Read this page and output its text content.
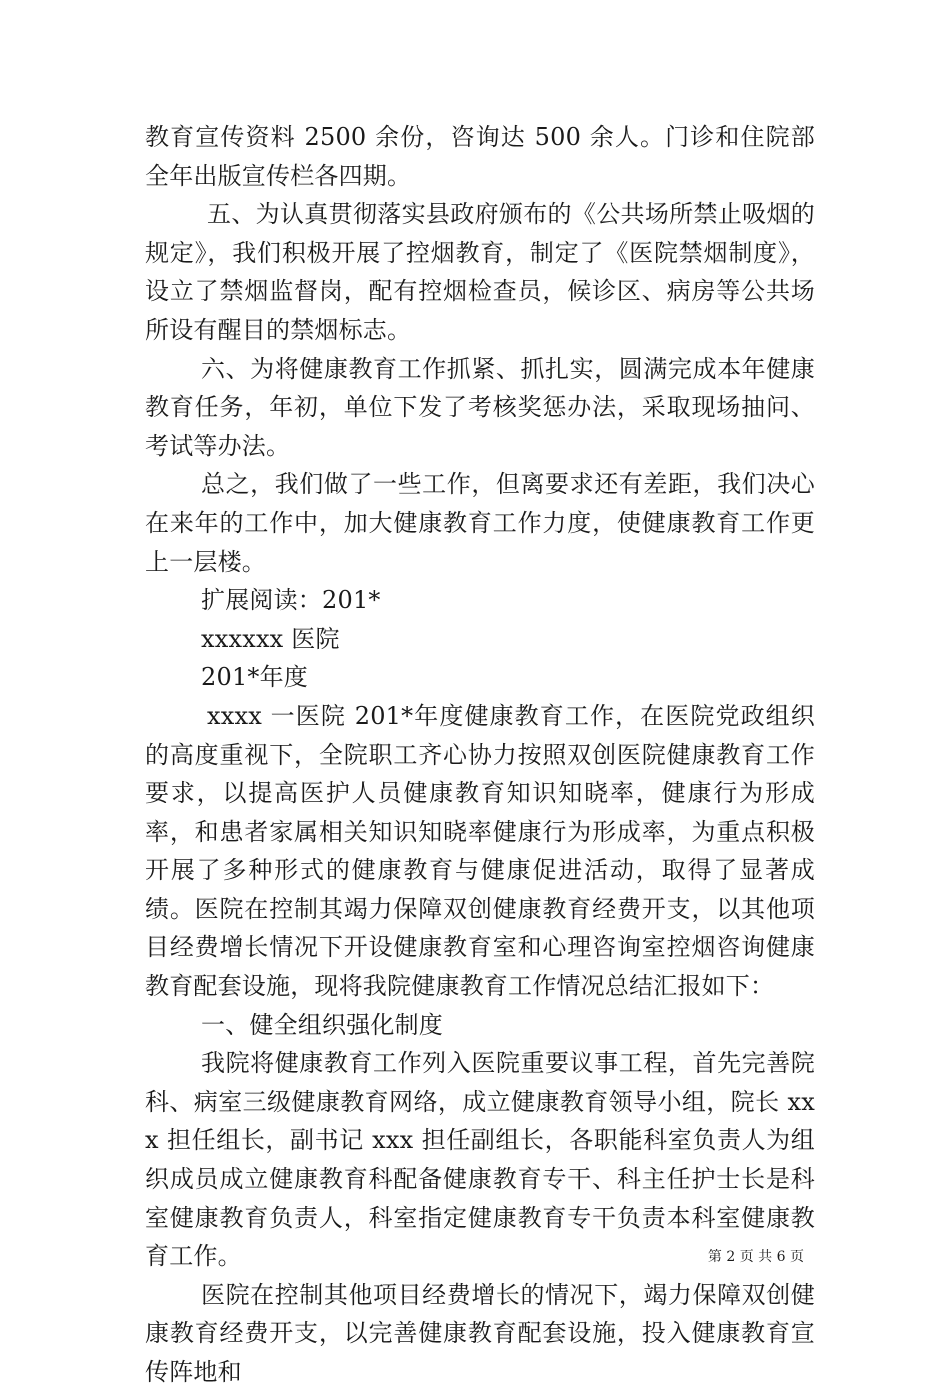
教育宣传资料 2500 余份，咨询达 500 余人。门诊和住院部全年出版宣传栏各四期。

五、为认真贯彻落实县政府颁布的《公共场所禁止吸烟的规定》，我们积极开展了控烟教育，制定了《医院禁烟制度》，设立了禁烟监督岗，配有控烟检查员，候诊区、病房等公共场所设有醒目的禁烟标志。

六、为将健康教育工作抓紧、抓扎实，圆满完成本年健康教育任务，年初，单位下发了考核奖惩办法，采取现场抽问、考试等办法。

总之，我们做了一些工作，但离要求还有差距，我们决心在来年的工作中，加大健康教育工作力度，使健康教育工作更上一层楼。

扩展阅读：201*

xxxxxx 医院

201*年度

xxxx 一医院 201*年度健康教育工作，在医院党政组织的高度重视下，全院职工齐心协力按照双创医院健康教育工作要求，以提高医护人员健康教育知识知晓率，健康行为形成率，和患者家属相关知识知晓率健康行为形成率，为重点积极开展了多种形式的健康教育与健康促进活动，取得了显著成绩。医院在控制其竭力保障双创健康教育经费开支，以其他项目经费增长情况下开设健康教育室和心理咨询室控烟咨询健康教育配套设施，现将我院健康教育工作情况总结汇报如下：

一、健全组织强化制度

我院将健康教育工作列入医院重要议事工程，首先完善院科、病室三级健康教育网络，成立健康教育领导小组，院长 xxx 担任组长，副书记 xxx 担任副组长，各职能科室负责人为组织成员成立健康教育科配备健康教育专干、科主任护士长是科室健康教育负责人，科室指定健康教育专干负责本科室健康教育工作。

医院在控制其他项目经费增长的情况下，竭力保障双创健康教育经费开支，以完善健康教育配套设施，投入健康教育宣传阵地和

第 2 页 共 6 页
